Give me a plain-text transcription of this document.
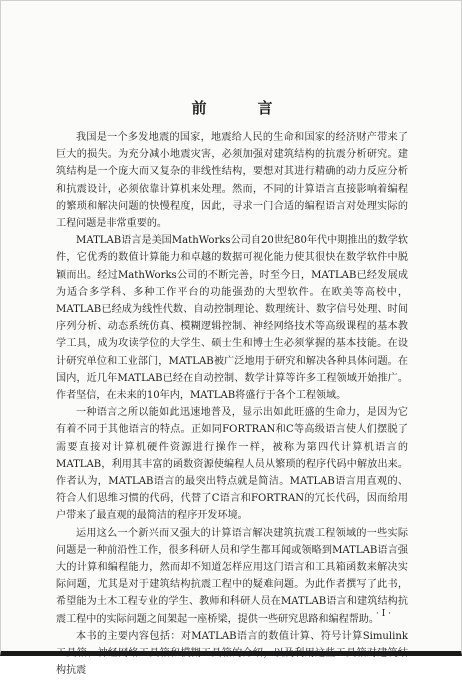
前　言

我国是一个多发地震的国家，地震给人民的生命和国家的经济财产带来了巨大的损失。为充分减小地震灾害，必须加强对建筑结构的抗震分析研究。建筑结构是一个庞大而又复杂的非线性结构，要想对其进行精确的动力反应分析和抗震设计，必须依靠计算机来处理。然而，不同的计算语言直接影响着编程的繁琐和解决问题的快慢程度，因此，寻求一门合适的编程语言对处理实际的工程问题是非常重要的。

MATLAB语言是美国MathWorks公司自20世纪80年代中期推出的数学软件，它优秀的数值计算能力和卓越的数据可视化能力使其很快在数学软件中脱颖而出。经过MathWorks公司的不断完善，时至今日，MATLAB已经发展成为适合多学科、多种工作平台的功能强劲的大型软件。在欧美等高校中，MATLAB已经成为线性代数、自动控制理论、数理统计、数字信号处理、时间序列分析、动态系统仿真、模糊逻辑控制、神经网络技术等高级课程的基本教学工具，成为攻读学位的大学生、硕士生和博士生必须掌握的基本技能。在设计研究单位和工业部门，MATLAB被广泛地用于研究和解决各种具体问题。在国内，近几年MATLAB已经在自动控制、数学计算等许多工程领域开始推广。作者坚信，在未来的10年内，MATLAB将盛行于各个工程领域。

一种语言之所以能如此迅速地普及，显示出如此旺盛的生命力，是因为它有着不同于其他语言的特点。正如同FORTRAN和C等高级语言使人们摆脱了需要直接对计算机硬件资源进行操作一样，被称为第四代计算机语言的MATLAB，利用其丰富的函数资源使编程人员从繁琐的程序代码中解放出来。作者认为，MATLAB语言的最突出特点就是简洁。MATLAB语言用直观的、符合人们思维习惯的代码，代替了C语言和FORTRAN的冗长代码，因而给用户带来了最直观的最简洁的程序开发环境。

运用这么一个新兴而又强大的计算语言解决建筑抗震工程领域的一些实际问题是一种前沿性工作，很多科研人员和学生都耳闻或领略到MATLAB语言强大的计算和编程能力，然而却不知道怎样应用这门语言和工具箱函数来解决实际问题，尤其是对于建筑结构抗震工程中的疑难问题。为此作者撰写了此书，希望能为土木工程专业的学生、教师和科研人员在MATLAB语言和建筑结构抗震工程中的实际问题之间架起一座桥梁，提供一些研究思路和编程帮助。

本书的主要内容包括：对MATLAB语言的数值计算、符号计算Simulink工具箱、神经网络工具箱和模糊工具箱的介绍，以及利用这些工具箱对建筑结构抗震

· I ·
